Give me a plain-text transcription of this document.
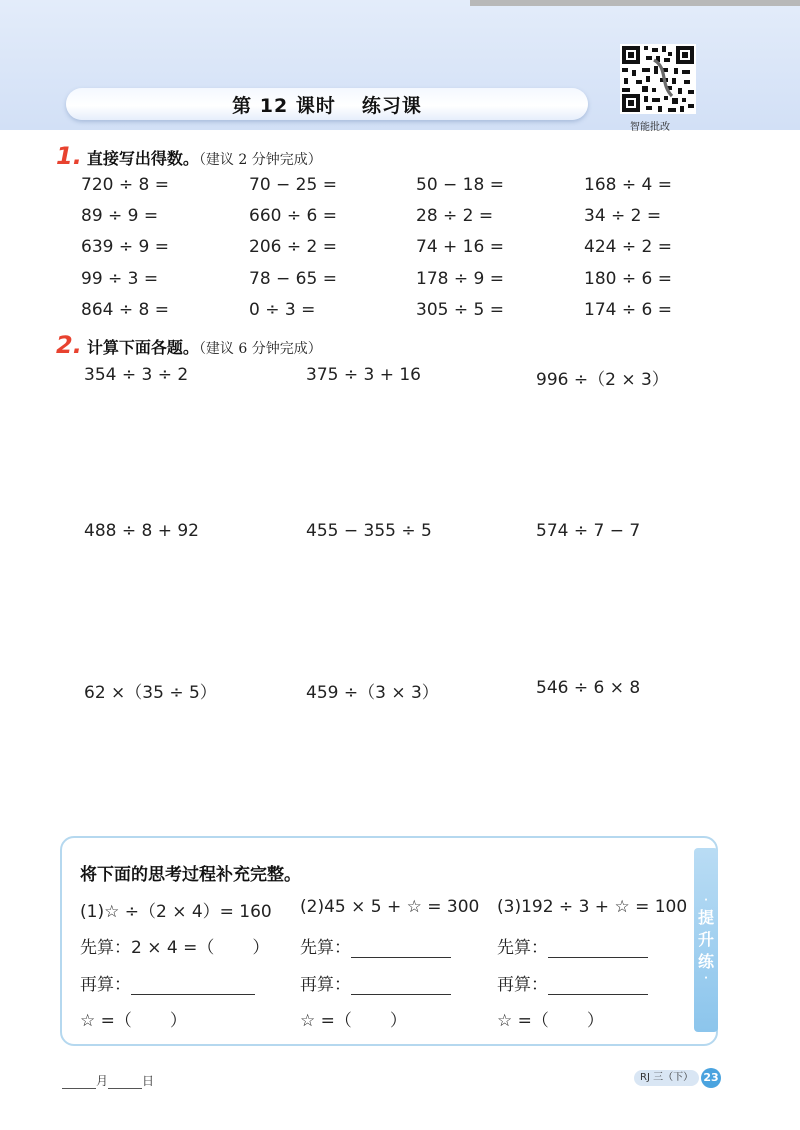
第 12 课时 练习课
智能批改
1. 直接写出得数。（建议 2 分钟完成）
720 ÷ 8 =	70 − 25 =	50 − 18 =	168 ÷ 4 =
89 ÷ 9 =	660 ÷ 6 =	28 ÷ 2 =	34 ÷ 2 =
639 ÷ 9 =	206 ÷ 2 =	74 + 16 =	424 ÷ 2 =
99 ÷ 3 =	78 − 65 =	178 ÷ 9 =	180 ÷ 6 =
864 ÷ 8 =	0 ÷ 3 =	305 ÷ 5 =	174 ÷ 6 =
2. 计算下面各题。（建议 6 分钟完成）
354 ÷ 3 ÷ 2	375 ÷ 3 + 16	996 ÷（2 × 3）
488 ÷ 8 + 92	455 − 355 ÷ 5	574 ÷ 7 − 7
62 ×（35 ÷ 5）	459 ÷（3 × 3）	546 ÷ 6 × 8
·
提
升
练
·
将下面的思考过程补充完整。
(1)☆ ÷（2 × 4）= 160 (2)45 × 5 + ☆ = 300 (3)192 ÷ 3 + ☆ = 100
先算：2 × 4 =（ ） 先算：	先算：
再算：	再算：	再算：
☆ =（ ）	☆ =（ ）	☆ =（ ）
月	日	RJ 三（下） 23
